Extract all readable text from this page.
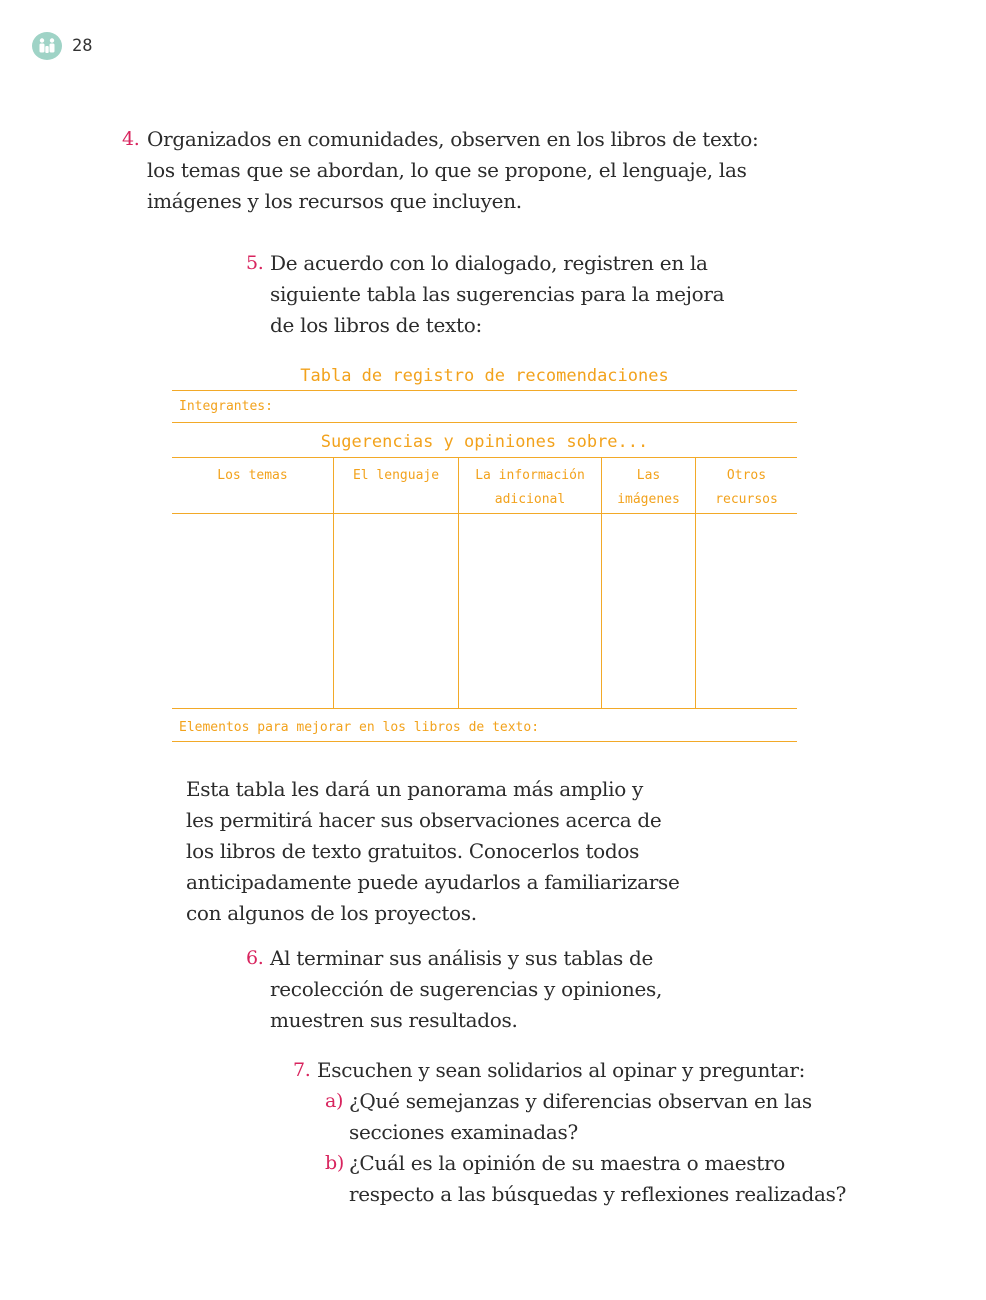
28
4. Organizados en comunidades, observen en los libros de texto:
los temas que se abordan, lo que se propone, el lenguaje, las
imágenes y los recursos que incluyen.
5. De acuerdo con lo dialogado, registren en la
siguiente tabla las sugerencias para la mejora
de los libros de texto:
Tabla de registro de recomendaciones
Integrantes:
Sugerencias y opiniones sobre...
Los temas	El lenguaje	La información
adicional
Las
imágenes
Otros
recursos
Elementos para mejorar en los libros de texto:
Esta tabla les dará un panorama más amplio y
les permitirá hacer sus observaciones acerca de
los libros de texto gratuitos. Conocerlos todos
anticipadamente puede ayudarlos a familiarizarse
con algunos de los proyectos.
6. Al terminar sus análisis y sus tablas de
recolección de sugerencias y opiniones,
muestren sus resultados.
7. Escuchen y sean solidarios al opinar y preguntar:
a) ¿Qué semejanzas y diferencias observan en las
secciones examinadas?
b) ¿Cuál es la opinión de su maestra o maestro
respecto a las búsquedas y reflexiones realizadas?
